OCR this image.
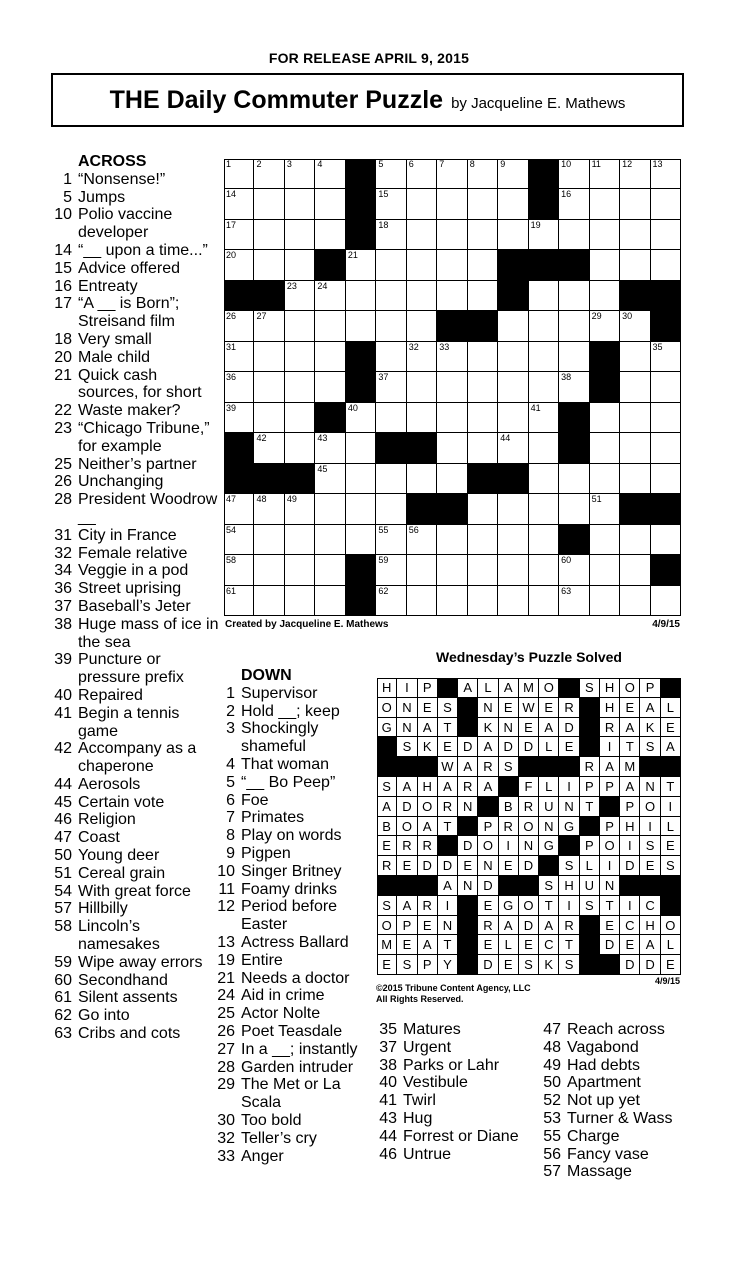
FOR RELEASE APRIL 9, 2015
THE Daily Commuter Puzzle by Jacqueline E. Mathews
ACROSS
1 “Nonsense!”
5 Jumps
10 Polio vaccine developer
14 “__ upon a time...”
15 Advice offered
16 Entreaty
17 “A __ is Born”; Streisand film
18 Very small
20 Male child
21 Quick cash sources, for short
22 Waste maker?
23 “Chicago Tribune,” for example
25 Neither’s partner
26 Unchanging
28 President Woodrow __
31 City in France
32 Female relative
34 Veggie in a pod
36 Street uprising
37 Baseball’s Jeter
38 Huge mass of ice in the sea
39 Puncture or pressure prefix
40 Repaired
41 Begin a tennis game
42 Accompany as a chaperone
44 Aerosols
45 Certain vote
46 Religion
47 Coast
50 Young deer
51 Cereal grain
54 With great force
57 Hillbilly
58 Lincoln’s namesakes
59 Wipe away errors
60 Secondhand
61 Silent assents
62 Go into
63 Cribs and cots
DOWN
1 Supervisor
2 Hold __; keep
3 Shockingly shameful
4 That woman
5 “__ Bo Peep”
6 Foe
7 Primates
8 Play on words
9 Pigpen
10 Singer Britney
11 Foamy drinks
12 Period before Easter
13 Actress Ballard
19 Entire
21 Needs a doctor
24 Aid in crime
25 Actor Nolte
26 Poet Teasdale
27 In a __; instantly
28 Garden intruder
29 The Met or La Scala
30 Too bold
32 Teller’s cry
33 Anger
35 Matures
37 Urgent
38 Parks or Lahr
40 Vestibule
41 Twirl
43 Hug
44 Forrest or Diane
46 Untrue
47 Reach across
48 Vagabond
49 Had debts
50 Apartment
52 Not up yet
53 Turner & Wass
55 Charge
56 Fancy vase
57 Massage
63
62
61
60
59
58
56
55
54
51
49
48
47
45
44
43
42
41
40
39
38
37
36
35
33
32
31
30
29
27
26
24
23
21
20
19
18
17
16
15
14
13
12
11
10
9
8
7
6
5
4
3
2
1
Created by Jacqueline E. Mathews	4/9/15
Wednesday’s Puzzle Solved
E
D
D
S
K
S
E
D
Y
P
S
E
L
A
E
D
T
C
E
L
E
T
A
E
M
O
H
C
E
R
A
D
A
R
N
E
P
O
C
I
T
S
I
T
O
G
E
I
R
A
S
N
U
H
S
D
N
A
S
E
D
I
L
S
D
E
N
E
D
D
E
R
E
S
I
O
P
G
N
I
O
D
R
R
E
L
I
H
P
G
N
O
R
P
T
A
O
B
I
O
P
T
N
U
R
B
N
R
O
D
A
T
N
A
P
P
I
L
F
A
R
A
H
A
S
M
A
R
S
R
A
W
A
S
T
I
E
L
D
D
A
D
E
K
S
E
K
A
R
D
A
E
N
K
T
A
N
G
L
A
E
H
R
E
W
E
N
S
E
N
O
P
O
H
S
O
M
A
L
A
P
I
H
4/9/15
©2015 Tribune Content Agency, LLC
All Rights Reserved.
